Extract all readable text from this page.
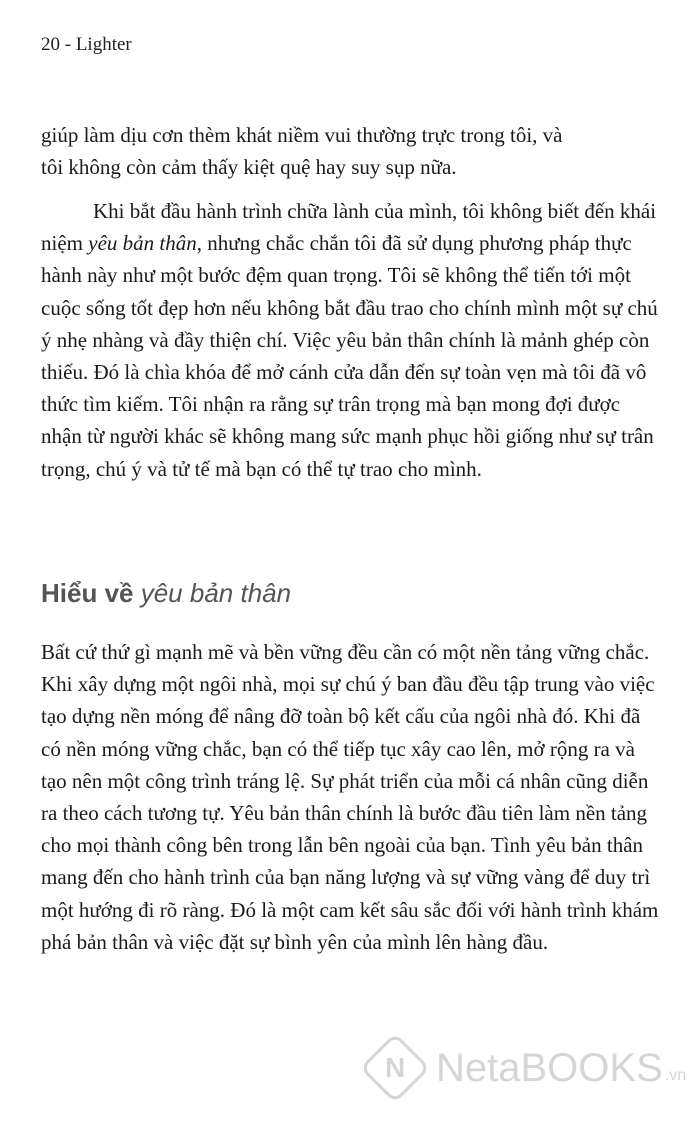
20 - Lighter

giúp làm dịu cơn thèm khát niềm vui thường trực trong tôi, và

tôi không còn cảm thấy kiệt quệ hay suy sụp nữa.

Khi bắt đầu hành trình chữa lành của mình, tôi không biết đến khái niệm yêu bản thân, nhưng chắc chắn tôi đã sử dụng phương pháp thực hành này như một bước đệm quan trọng. Tôi sẽ không thể tiến tới một cuộc sống tốt đẹp hơn nếu không bắt đầu trao cho chính mình một sự chú ý nhẹ nhàng và đầy thiện chí. Việc yêu bản thân chính là mảnh ghép còn thiếu. Đó là chìa khóa để mở cánh cửa dẫn đến sự toàn vẹn mà tôi đã vô thức tìm kiếm. Tôi nhận ra rằng sự trân trọng mà bạn mong đợi được nhận từ người khác sẽ không mang sức mạnh phục hồi giống như sự trân trọng, chú ý và tử tế mà bạn có thể tự trao cho mình.

Hiểu về yêu bản thân

Bất cứ thứ gì mạnh mẽ và bền vững đều cần có một nền tảng vững chắc. Khi xây dựng một ngôi nhà, mọi sự chú ý ban đầu đều tập trung vào việc tạo dựng nền móng để nâng đỡ toàn bộ kết cấu của ngôi nhà đó. Khi đã có nền móng vững chắc, bạn có thể tiếp tục xây cao lên, mở rộng ra và tạo nên một công trình tráng lệ. Sự phát triển của mỗi cá nhân cũng diễn ra theo cách tương tự. Yêu bản thân chính là bước đầu tiên làm nền tảng cho mọi thành công bên trong lẫn bên ngoài của bạn. Tình yêu bản thân mang đến cho hành trình của bạn năng lượng và sự vững vàng để duy trì một hướng đi rõ ràng. Đó là một cam kết sâu sắc đối với hành trình khám phá bản thân và việc đặt sự bình yên của mình lên hàng đầu.

N NetaBOOKS .vn
